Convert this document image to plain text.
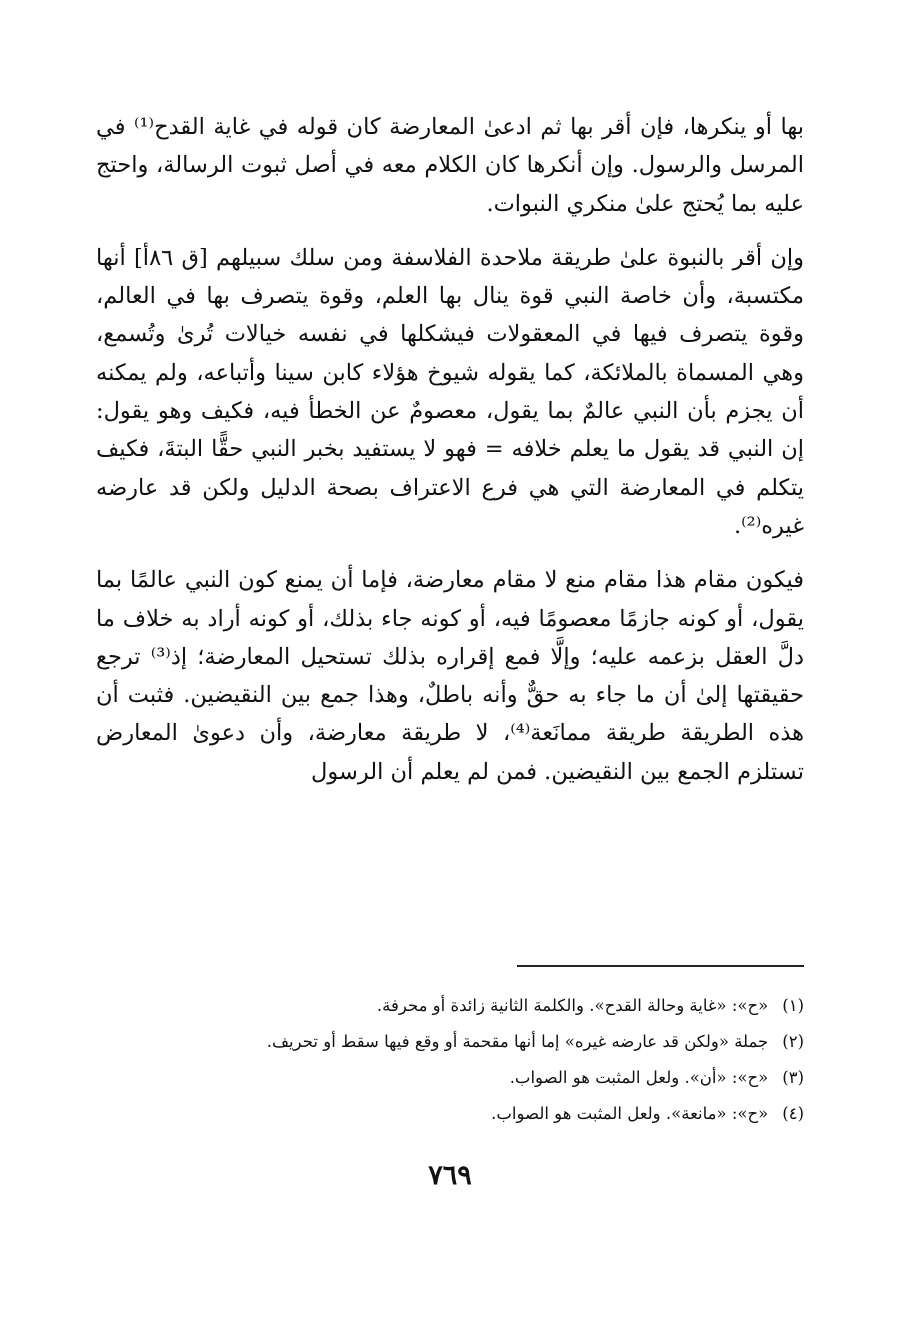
بها أو ينكرها، فإن أقر بها ثم ادعىٰ المعارضة كان قوله في غاية القدح⁽¹⁾ في المرسل والرسول. وإن أنكرها كان الكلام معه في أصل ثبوت الرسالة، واحتج عليه بما يُحتج علىٰ منكري النبوات.

وإن أقر بالنبوة علىٰ طريقة ملاحدة الفلاسفة ومن سلك سبيلهم [ق ٨٦أ] أنها مكتسبة، وأن خاصة النبي قوة ينال بها العلم، وقوة يتصرف بها في العالم، وقوة يتصرف فيها في المعقولات فيشكلها في نفسه خيالات تُرىٰ وتُسمع، وهي المسماة بالملائكة، كما يقوله شيوخ هؤلاء كابن سينا وأتباعه، ولم يمكنه أن يجزم بأن النبي عالمٌ بما يقول، معصومٌ عن الخطأ فيه، فكيف وهو يقول: إن النبي قد يقول ما يعلم خلافه = فهو لا يستفيد بخبر النبي حقًّا البتةَ، فكيف يتكلم في المعارضة التي هي فرع الاعتراف بصحة الدليل ولكن قد عارضه غيره⁽²⁾.

فيكون مقام هذا مقام منع لا مقام معارضة، فإما أن يمنع كون النبي عالمًا بما يقول، أو كونه جازمًا معصومًا فيه، أو كونه جاء بذلك، أو كونه أراد به خلاف ما دلَّ العقل بزعمه عليه؛ وإلَّا فمع إقراره بذلك تستحيل المعارضة؛ إذ⁽³⁾ ترجع حقيقتها إلىٰ أن ما جاء به حقٌّ وأنه باطلٌ، وهذا جمع بين النقيضين. فثبت أن هذه الطريقة طريقة ممانَعة⁽⁴⁾، لا طريقة معارضة، وأن دعوىٰ المعارض تستلزم الجمع بين النقيضين. فمن لم يعلم أن الرسول

(١)«ح»: «غاية وحالة القدح». والكلمة الثانية زائدة أو محرفة.
(٢)جملة «ولكن قد عارضه غيره» إما أنها مقحمة أو وقع فيها سقط أو تحريف.
(٣)«ح»: «أن». ولعل المثبت هو الصواب.
(٤)«ح»: «مانعة». ولعل المثبت هو الصواب.
٧٦٩
